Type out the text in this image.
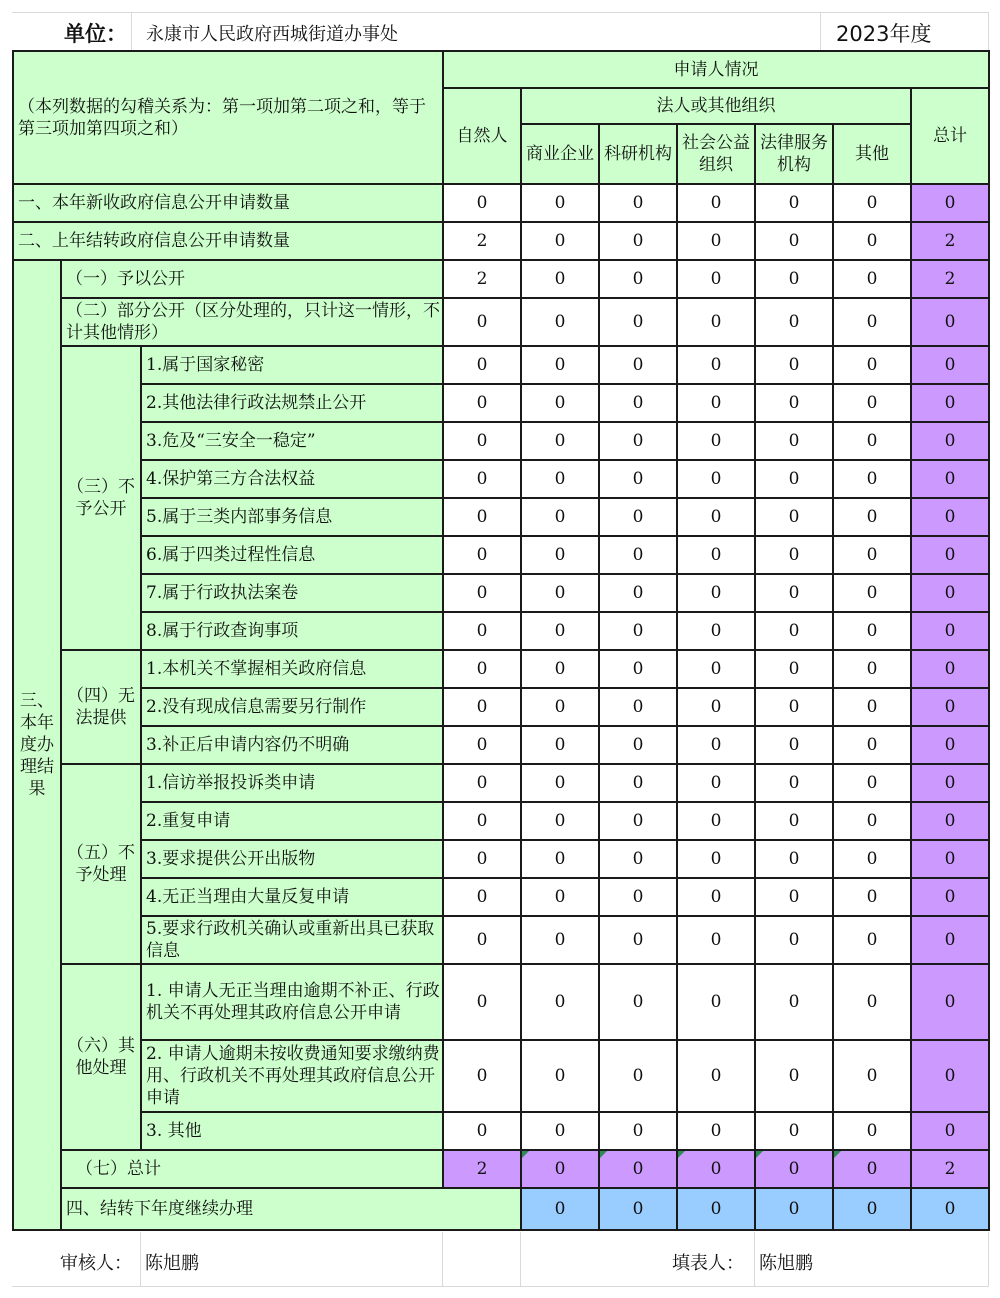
单位： 永康市人民政府西城街道办事处	2023年度
（本列数据的勾稽关系为：第一项加第二项之和，等于第三项加第四项之和）			申请人情况							
			自然人	法人或其他组织					总计	
				商业企业	科研机构	社会公益组织	法律服务机构	其他		
一、本年新收政府信息公开申请数量			0	0	0	0	0	0	0	
二、上年结转政府信息公开申请数量			2	0	0	0	0	0	2	
三、本年度办理结果	（一）予以公开		2	0	0	0	0	0	2	
	（二）部分公开（区分处理的，只计这一情形，不计其他情形）		0	0	0	0	0	0	0	
	（三）不予公开	1.属于国家秘密	0	0	0	0	0	0	0	
		2.其他法律行政法规禁止公开	0	0	0	0	0	0	0	
		3.危及“三安全一稳定”	0	0	0	0	0	0	0	
		4.保护第三方合法权益	0	0	0	0	0	0	0	
		5.属于三类内部事务信息	0	0	0	0	0	0	0	
		6.属于四类过程性信息	0	0	0	0	0	0	0	
		7.属于行政执法案卷	0	0	0	0	0	0	0	
		8.属于行政查询事项	0	0	0	0	0	0	0	
	（四）无法提供	1.本机关不掌握相关政府信息	0	0	0	0	0	0	0	
		2.没有现成信息需要另行制作	0	0	0	0	0	0	0	
		3.补正后申请内容仍不明确	0	0	0	0	0	0	0	
	（五）不予处理	1.信访举报投诉类申请	0	0	0	0	0	0	0	
		2.重复申请	0	0	0	0	0	0	0	
		3.要求提供公开出版物	0	0	0	0	0	0	0	
		4.无正当理由大量反复申请	0	0	0	0	0	0	0	
		5.要求行政机关确认或重新出具已获取信息	0	0	0	0	0	0	0	
	（六）其他处理	1. 申请人无正当理由逾期不补正、行政机关不再处理其政府信息公开申请	0	0	0	0	0	0	0	
		2. 申请人逾期未按收费通知要求缴纳费用、行政机关不再处理其政府信息公开申请	0	0	0	0	0	0	0	
		3. 其他	0	0	0	0	0	0	0	
	（七）总计		2	0	0	0	0	0	2	
	四、结转下年度继续办理			0	0	0	0	0	0	
审核人： 陈旭鹏	填表人： 陈旭鹏
